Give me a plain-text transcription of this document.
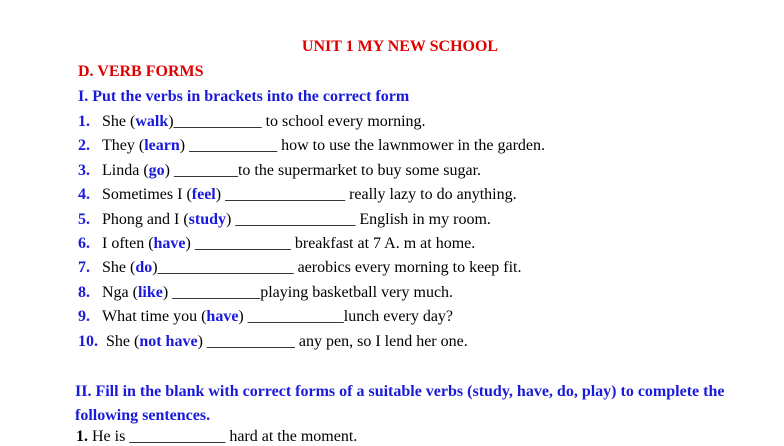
UNIT 1 MY NEW SCHOOL
D. VERB FORMS
I. Put the verbs in brackets into the correct form
1. She (walk)___________ to school every morning.
2. They (learn) ___________ how to use the lawnmower in the garden.
3. Linda (go) ________to the supermarket to buy some sugar.
4. Sometimes I (feel) _______________ really lazy to do anything.
5. Phong and I (study) _______________ English in my room.
6. I often (have) ____________ breakfast at 7 A. m at home.
7. She (do)_________________ aerobics every morning to keep fit.
8. Nga (like) ___________playing basketball very much.
9. What time you (have) ____________lunch every day?
10. She (not have) ___________ any pen, so I lend her one.
II. Fill in the blank with correct forms of a suitable verbs (study, have, do, play) to complete the following sentences.
1. He is ____________ hard at the moment.
